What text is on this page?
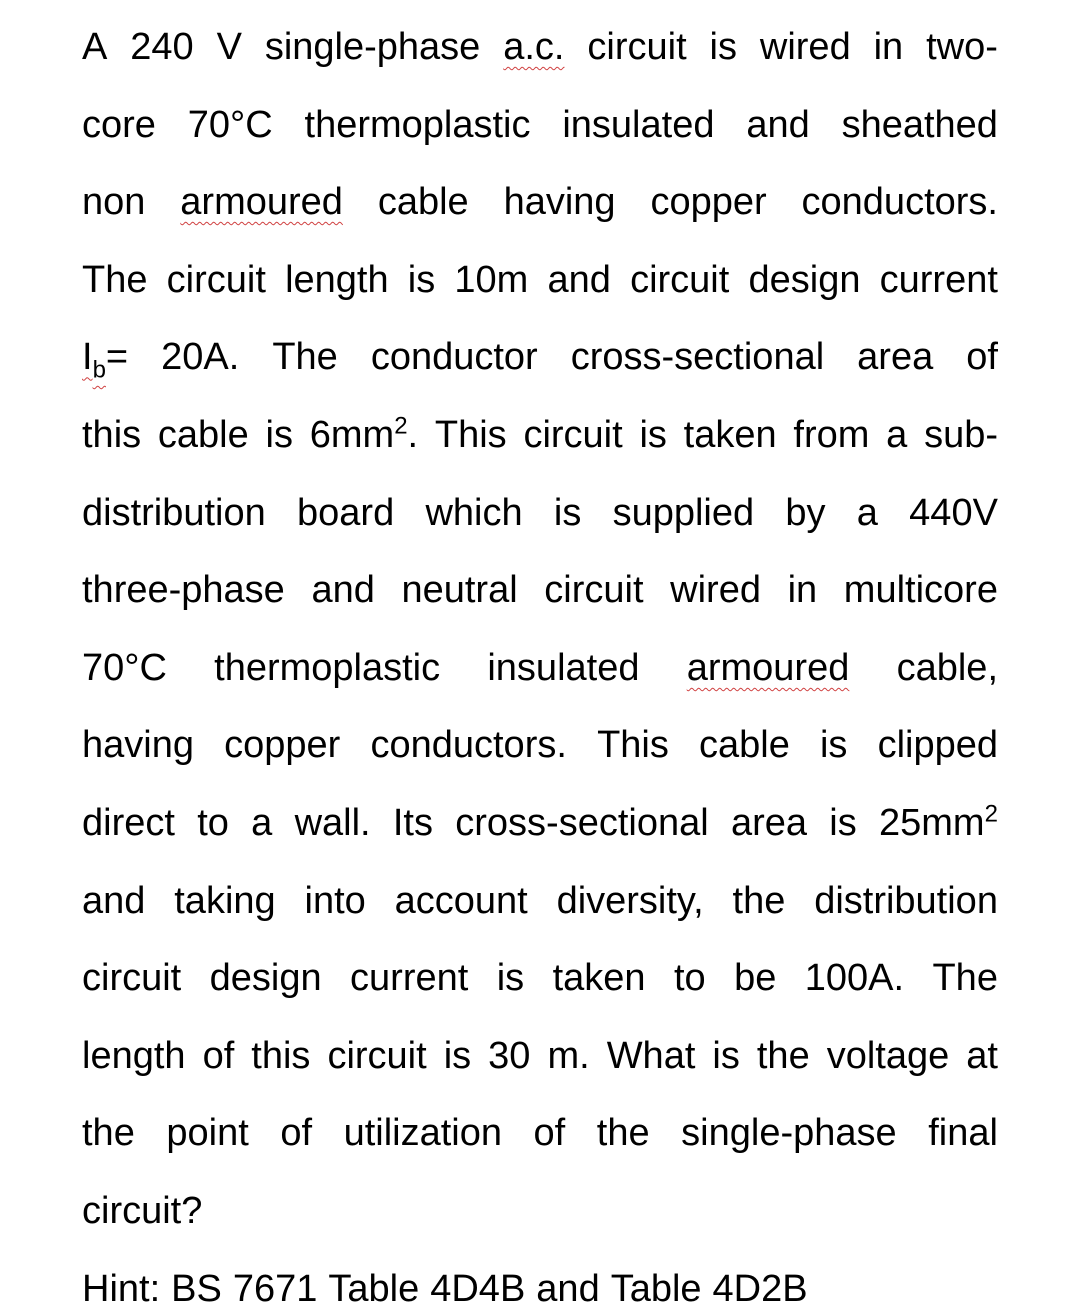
A 240 V single-phase a.c. circuit is wired in two-
core 70°C thermoplastic insulated and sheathed
non armoured cable having copper conductors.
The circuit length is 10m and circuit design current
$I_b= 20A$. The conductor cross-sectional area of
this cable is $6mm^2$. This circuit is taken from a sub-
distribution board which is supplied by a 440V
three-phase and neutral circuit wired in multicore
70°C thermoplastic insulated armoured cable,
having copper conductors. This cable is clipped
direct to a wall. Its cross-sectional area is $25mm^2$
and taking into account diversity, the distribution
circuit design current is taken to be 100A. The
length of this circuit is 30 m. What is the voltage at
the point of utilization of the single-phase final
circuit?
Hint: BS 7671 Table 4D4B and Table 4D2B
